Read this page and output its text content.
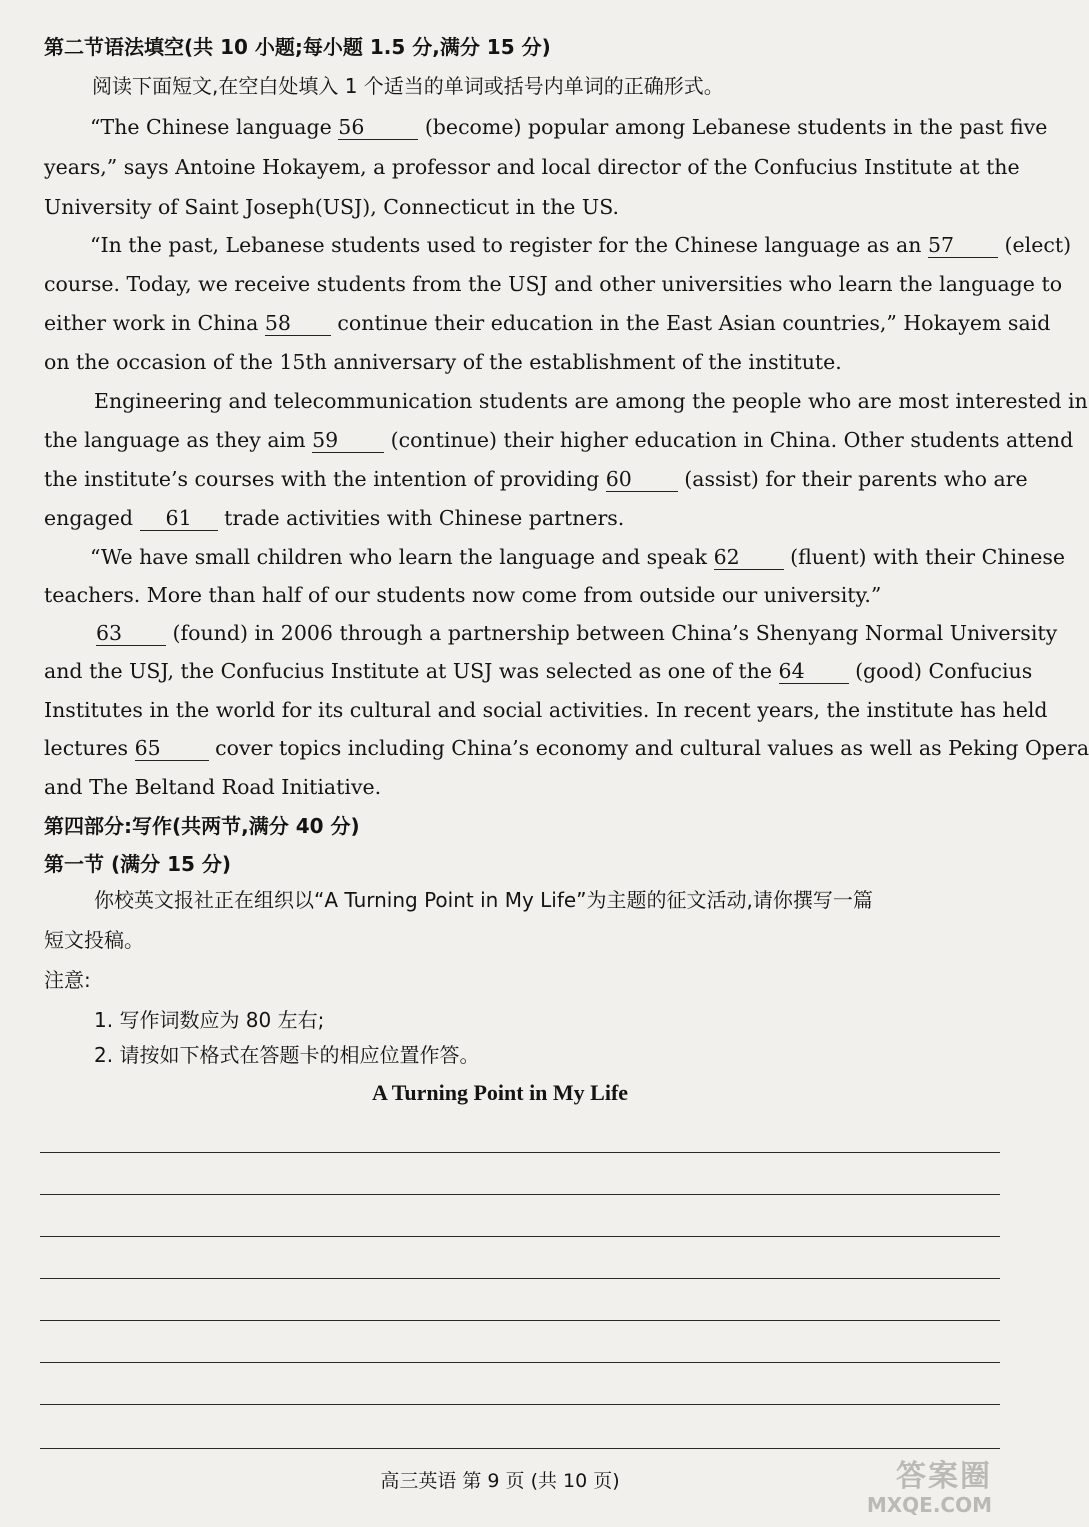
第二节语法填空(共 10 小题;每小题 1.5 分,满分 15 分)
阅读下面短文,在空白处填入 1 个适当的单词或括号内单词的正确形式。
“The Chinese language 56	(become) popular among Lebanese students in the past five
years,” says Antoine Hokayem, a professor and local director of the Confucius Institute at the
University of Saint Joseph(USJ), Connecticut in the US.
“In the past, Lebanese students used to register for the Chinese language as an 57 (elect)
course. Today, we receive students from the USJ and other universities who learn the language to
either work in China 58 continue their education in the East Asian countries,” Hokayem said
on the occasion of the 15th anniversary of the establishment of the institute.
Engineering and telecommunication students are among the people who are most interested in
the language as they aim 59	(continue) their higher education in China. Other students attend
the institute’s courses with the intention of providing 60	(assist) for their parents who are
engaged 61 trade activities with Chinese partners.
“We have small children who learn the language and speak 62 (fluent) with their Chinese
teachers. More than half of our students now come from outside our university.”
63 (found) in 2006 through a partnership between China’s Shenyang Normal University
and the USJ, the Confucius Institute at USJ was selected as one of the 64 (good) Confucius
Institutes in the world for its cultural and social activities. In recent years, the institute has held
lectures 65	cover topics including China’s economy and cultural values as well as Peking Opera
and The Beltand Road Initiative.
第四部分:写作(共两节,满分 40 分)
第一节 (满分 15 分)
你校英文报社正在组织以“A Turning Point in My Life”为主题的征文活动,请你撰写一篇
短文投稿。
注意:
1. 写作词数应为 80 左右;
2. 请按如下格式在答题卡的相应位置作答。
A Turning Point in My Life
高三英语 第 9 页 (共 10 页)	答案圈
MXQE.COM
